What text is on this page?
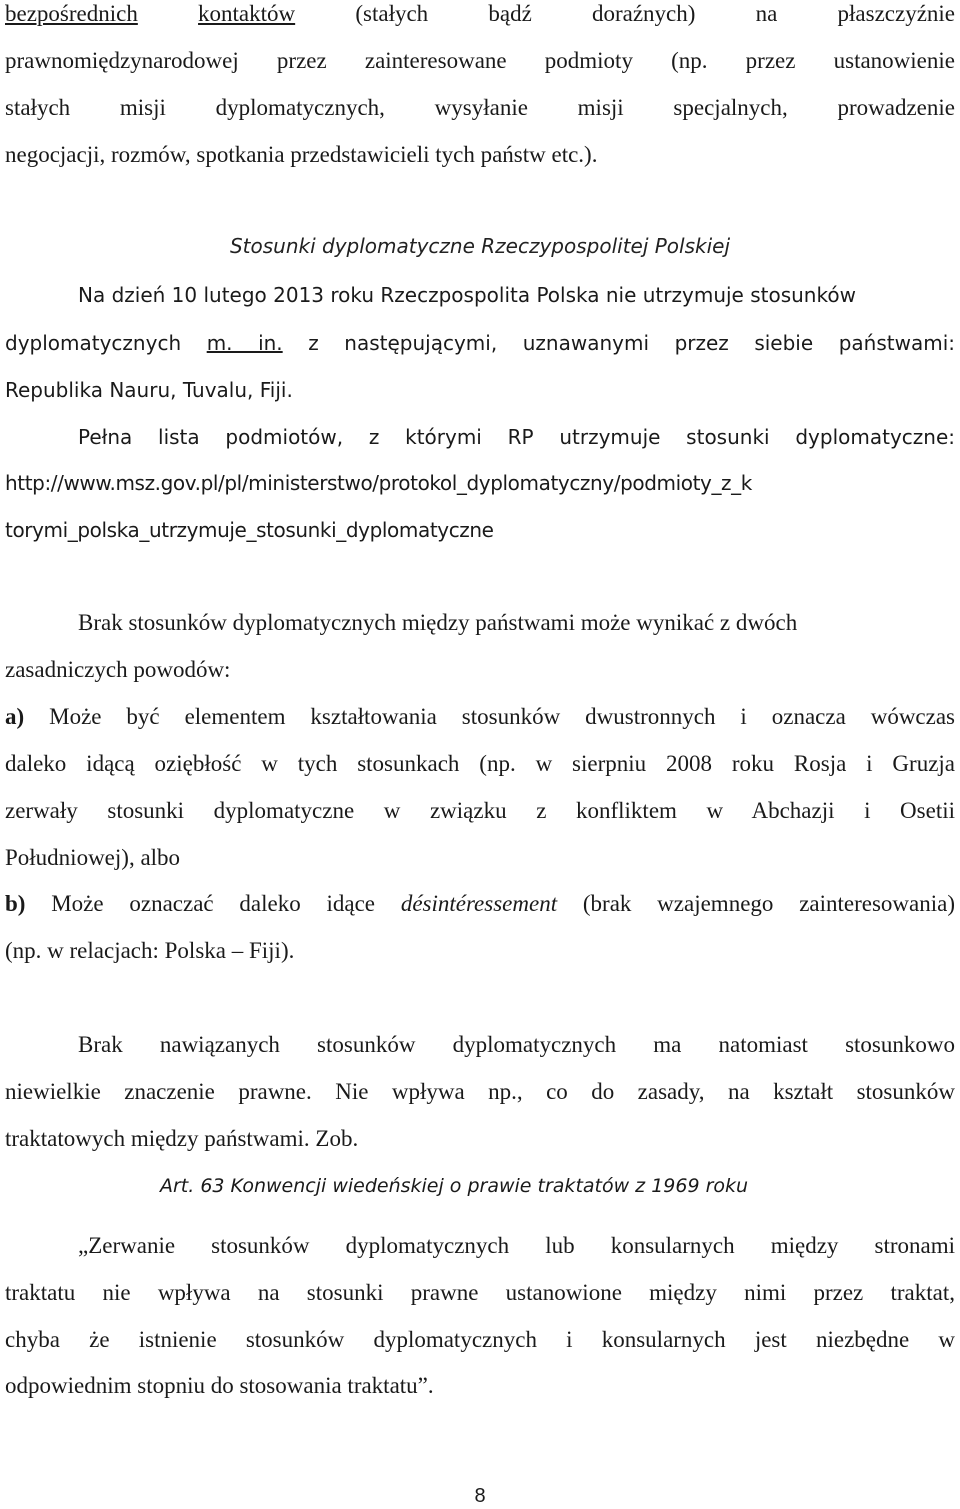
bezpośrednich	kontaktów	(stałych bądź doraźnych) na płaszczyźnie
prawnomiędzynarodowej przez zainteresowane podmioty (np. przez ustanowienie
stałych misji dyplomatycznych, wysyłanie misji specjalnych, prowadzenie
negocjacji, rozmów, spotkania przedstawicieli tych państw etc.).
Stosunki dyplomatyczne Rzeczypospolitej Polskiej
Na dzień 10 lutego 2013 roku Rzeczpospolita Polska nie utrzymuje stosunków
dyplomatycznych m. in. z następującymi, uznawanymi przez siebie państwami:
Republika Nauru, Tuvalu, Fiji.
Pełna lista podmiotów, z którymi RP utrzymuje stosunki dyplomatyczne:
http://www.msz.gov.pl/pl/ministerstwo/protokol_dyplomatyczny/podmioty_z_k
torymi_polska_utrzymuje_stosunki_dyplomatyczne
Brak stosunków dyplomatycznych między państwami może wynikać z dwóch
zasadniczych powodów:
a) Może być elementem kształtowania stosunków dwustronnych i oznacza wówczas
daleko idącą oziębłość w tych stosunkach (np. w sierpniu 2008 roku Rosja i Gruzja
zerwały stosunki dyplomatyczne w związku z konfliktem w Abchazji i Osetii
Południowej), albo
b) Może oznaczać daleko idące désintéressement (brak wzajemnego zainteresowania)
(np. w relacjach: Polska – Fiji).
Brak nawiązanych stosunków dyplomatycznych ma natomiast stosunkowo
niewielkie znaczenie prawne. Nie wpływa np., co do zasady, na kształt stosunków
traktatowych między państwami. Zob.
Art. 63 Konwencji wiedeńskiej o prawie traktatów z 1969 roku
„Zerwanie stosunków dyplomatycznych lub konsularnych między stronami
traktatu nie wpływa na stosunki prawne ustanowione między nimi przez traktat,
chyba że istnienie stosunków dyplomatycznych i konsularnych jest niezbędne w
odpowiednim stopniu do stosowania traktatu”.
8
